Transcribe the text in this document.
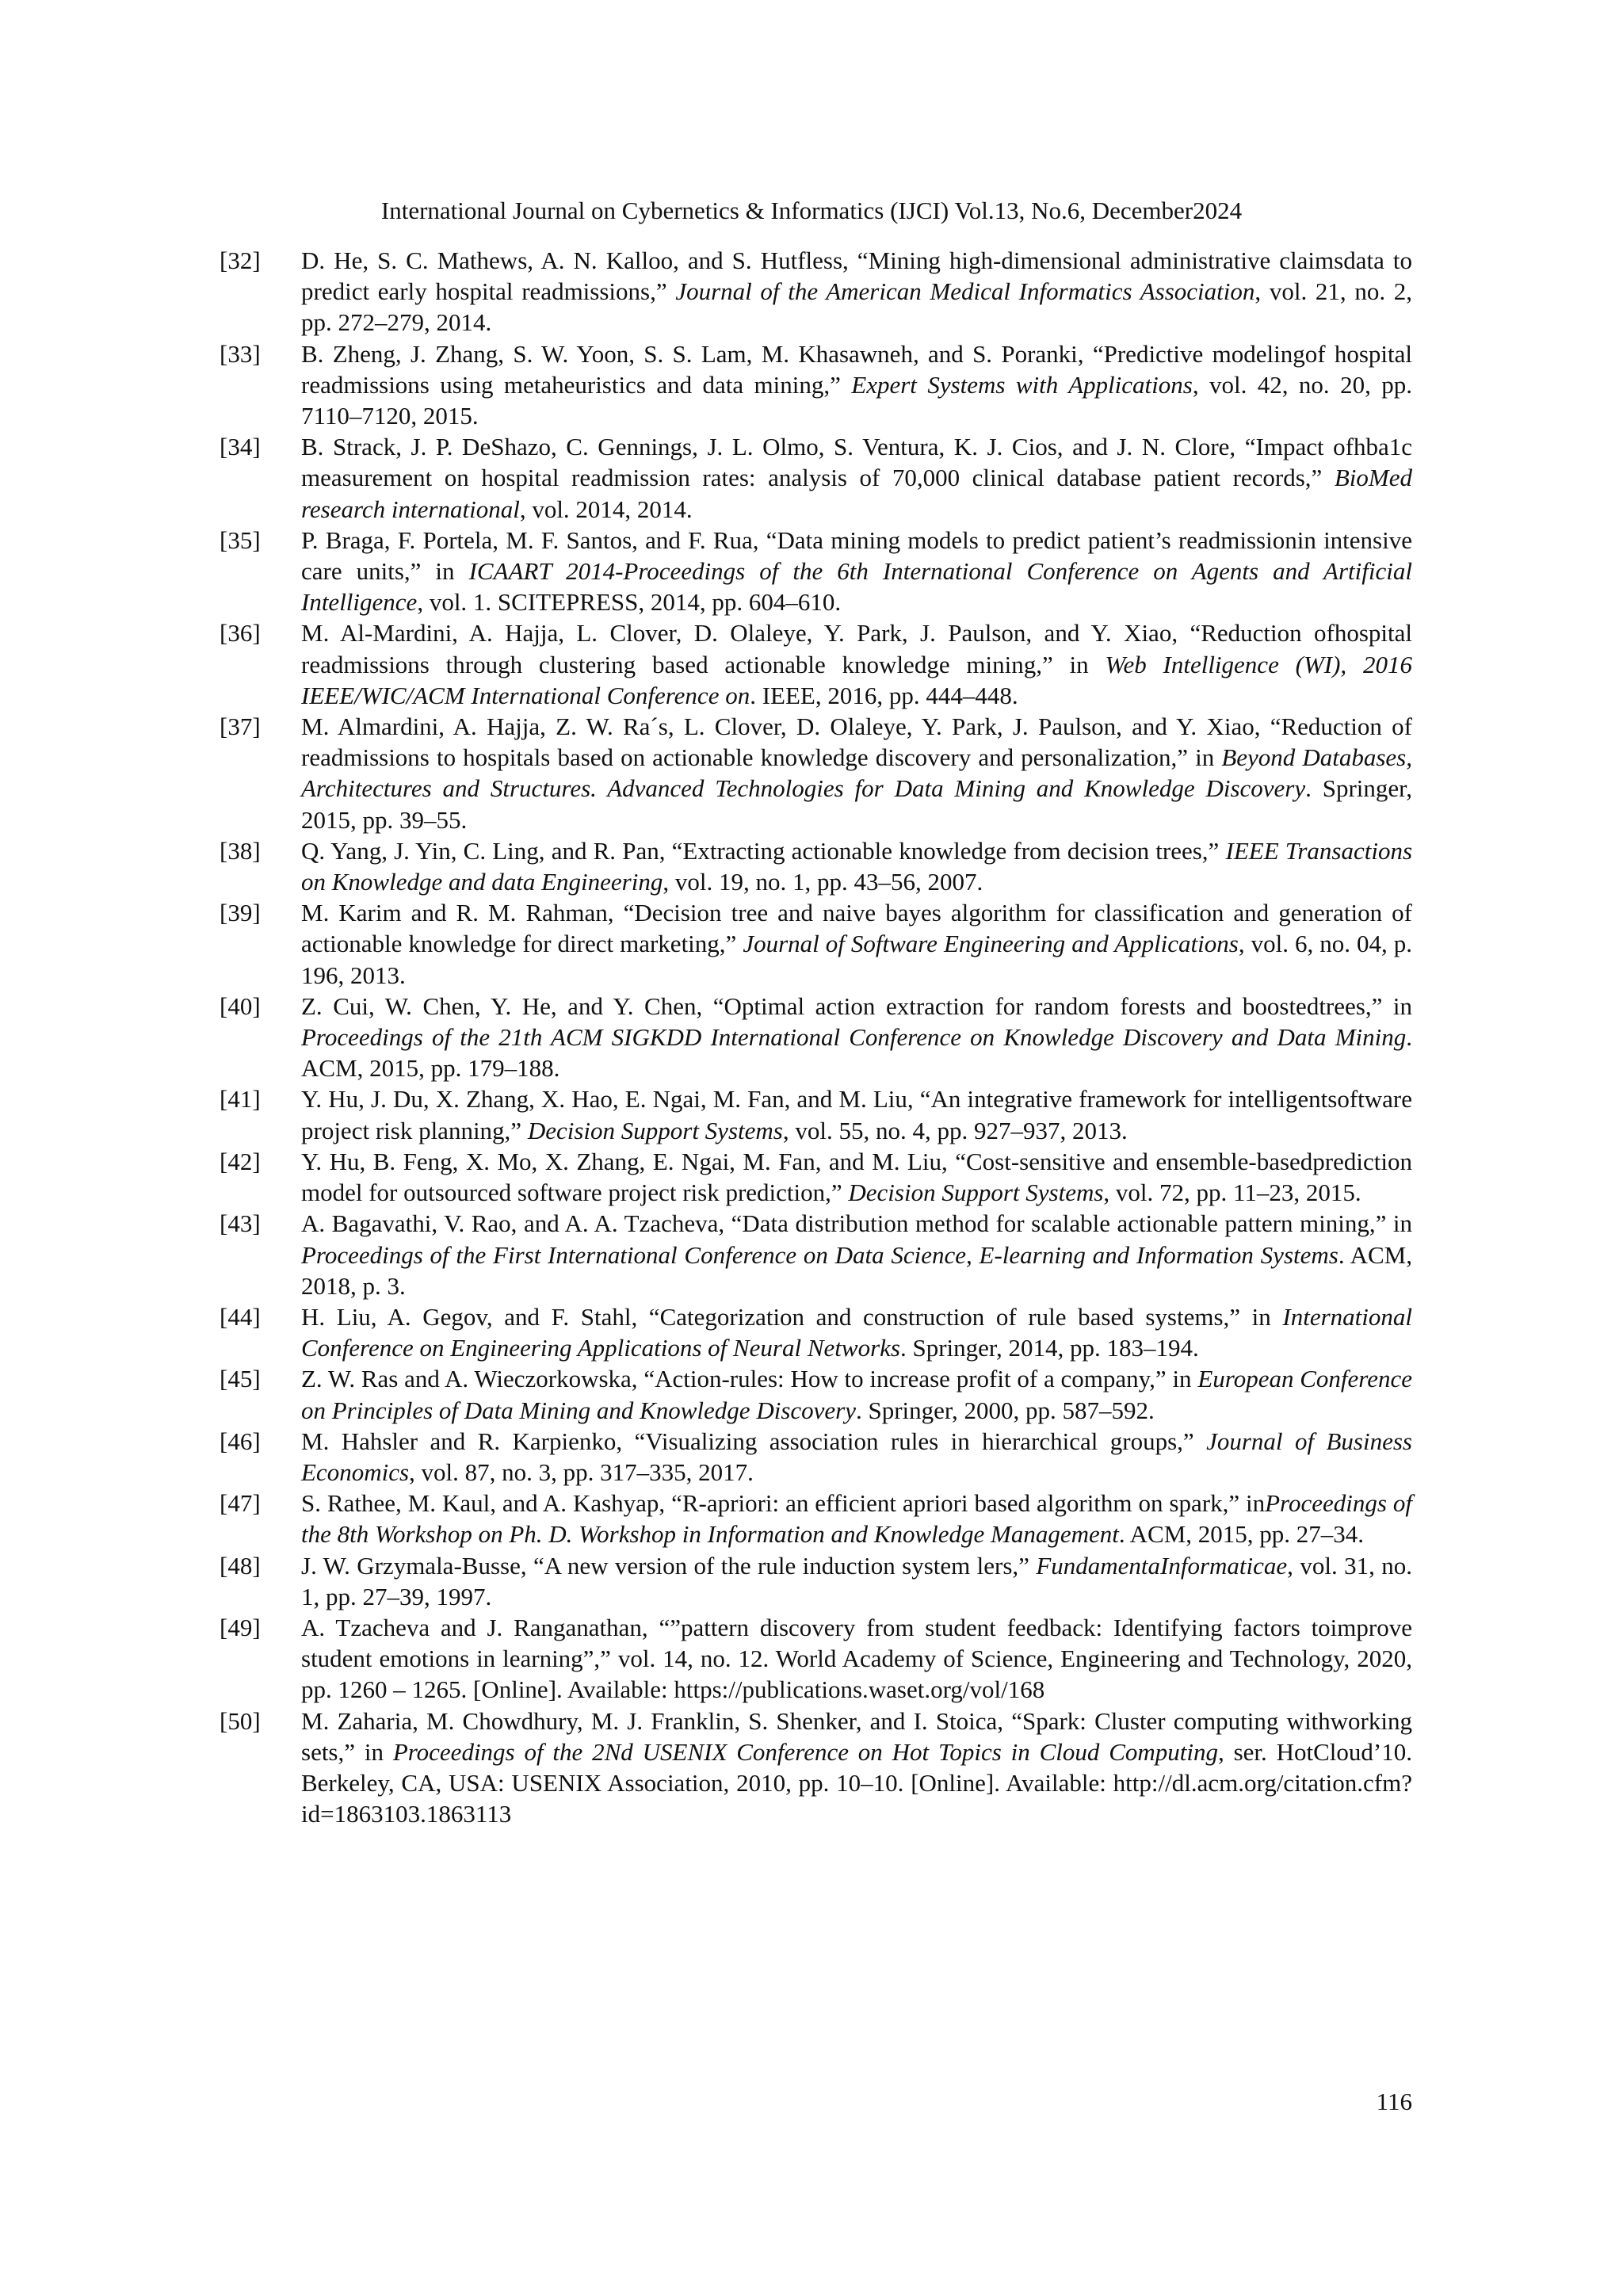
International Journal on Cybernetics & Informatics (IJCI) Vol.13, No.6, December2024
[32] D. He, S. C. Mathews, A. N. Kalloo, and S. Hutfless, “Mining high-dimensional administrative claimsdata to predict early hospital readmissions,” Journal of the American Medical Informatics Association, vol. 21, no. 2, pp. 272–279, 2014.
[33] B. Zheng, J. Zhang, S. W. Yoon, S. S. Lam, M. Khasawneh, and S. Poranki, “Predictive modelingof hospital readmissions using metaheuristics and data mining,” Expert Systems with Applications, vol. 42, no. 20, pp. 7110–7120, 2015.
[34] B. Strack, J. P. DeShazo, C. Gennings, J. L. Olmo, S. Ventura, K. J. Cios, and J. N. Clore, “Impact ofhba1c measurement on hospital readmission rates: analysis of 70,000 clinical database patient records,” BioMed research international, vol. 2014, 2014.
[35] P. Braga, F. Portela, M. F. Santos, and F. Rua, “Data mining models to predict patient’s readmissionin intensive care units,” in ICAART 2014-Proceedings of the 6th International Conference on Agents and Artificial Intelligence, vol. 1. SCITEPRESS, 2014, pp. 604–610.
[36] M. Al-Mardini, A. Hajja, L. Clover, D. Olaleye, Y. Park, J. Paulson, and Y. Xiao, “Reduction ofhospital readmissions through clustering based actionable knowledge mining,” in Web Intelligence (WI), 2016 IEEE/WIC/ACM International Conference on. IEEE, 2016, pp. 444–448.
[37] M. Almardini, A. Hajja, Z. W. Ra´s, L. Clover, D. Olaleye, Y. Park, J. Paulson, and Y. Xiao, “Reduction of readmissions to hospitals based on actionable knowledge discovery and personalization,” in Beyond Databases, Architectures and Structures. Advanced Technologies for Data Mining and Knowledge Discovery. Springer, 2015, pp. 39–55.
[38] Q. Yang, J. Yin, C. Ling, and R. Pan, “Extracting actionable knowledge from decision trees,” IEEE Transactions on Knowledge and data Engineering, vol. 19, no. 1, pp. 43–56, 2007.
[39] M. Karim and R. M. Rahman, “Decision tree and naive bayes algorithm for classification and generation of actionable knowledge for direct marketing,” Journal of Software Engineering and Applications, vol. 6, no. 04, p. 196, 2013.
[40] Z. Cui, W. Chen, Y. He, and Y. Chen, “Optimal action extraction for random forests and boostedtrees,” in Proceedings of the 21th ACM SIGKDD International Conference on Knowledge Discovery and Data Mining. ACM, 2015, pp. 179–188.
[41] Y. Hu, J. Du, X. Zhang, X. Hao, E. Ngai, M. Fan, and M. Liu, “An integrative framework for intelligentsoftware project risk planning,” Decision Support Systems, vol. 55, no. 4, pp. 927–937, 2013.
[42] Y. Hu, B. Feng, X. Mo, X. Zhang, E. Ngai, M. Fan, and M. Liu, “Cost-sensitive and ensemble-basedprediction model for outsourced software project risk prediction,” Decision Support Systems, vol. 72, pp. 11–23, 2015.
[43] A. Bagavathi, V. Rao, and A. A. Tzacheva, “Data distribution method for scalable actionable pattern mining,” in Proceedings of the First International Conference on Data Science, E-learning and Information Systems. ACM, 2018, p. 3.
[44] H. Liu, A. Gegov, and F. Stahl, “Categorization and construction of rule based systems,” in International Conference on Engineering Applications of Neural Networks. Springer, 2014, pp. 183–194.
[45] Z. W. Ras and A. Wieczorkowska, “Action-rules: How to increase profit of a company,” in European Conference on Principles of Data Mining and Knowledge Discovery. Springer, 2000, pp. 587–592.
[46] M. Hahsler and R. Karpienko, “Visualizing association rules in hierarchical groups,” Journal of Business Economics, vol. 87, no. 3, pp. 317–335, 2017.
[47] S. Rathee, M. Kaul, and A. Kashyap, “R-apriori: an efficient apriori based algorithm on spark,” inProceedings of the 8th Workshop on Ph. D. Workshop in Information and Knowledge Management. ACM, 2015, pp. 27–34.
[48] J. W. Grzymala-Busse, “A new version of the rule induction system lers,” FundamentaInformaticae, vol. 31, no. 1, pp. 27–39, 1997.
[49] A. Tzacheva and J. Ranganathan, “”pattern discovery from student feedback: Identifying factors toimprove student emotions in learning”,” vol. 14, no. 12. World Academy of Science, Engineering and Technology, 2020, pp. 1260 – 1265. [Online]. Available: https://publications.waset.org/vol/168
[50] M. Zaharia, M. Chowdhury, M. J. Franklin, S. Shenker, and I. Stoica, “Spark: Cluster computing withworking sets,” in Proceedings of the 2Nd USENIX Conference on Hot Topics in Cloud Computing, ser. HotCloud’10. Berkeley, CA, USA: USENIX Association, 2010, pp. 10–10. [Online]. Available: http://dl.acm.org/citation.cfm?id=1863103.1863113
116
